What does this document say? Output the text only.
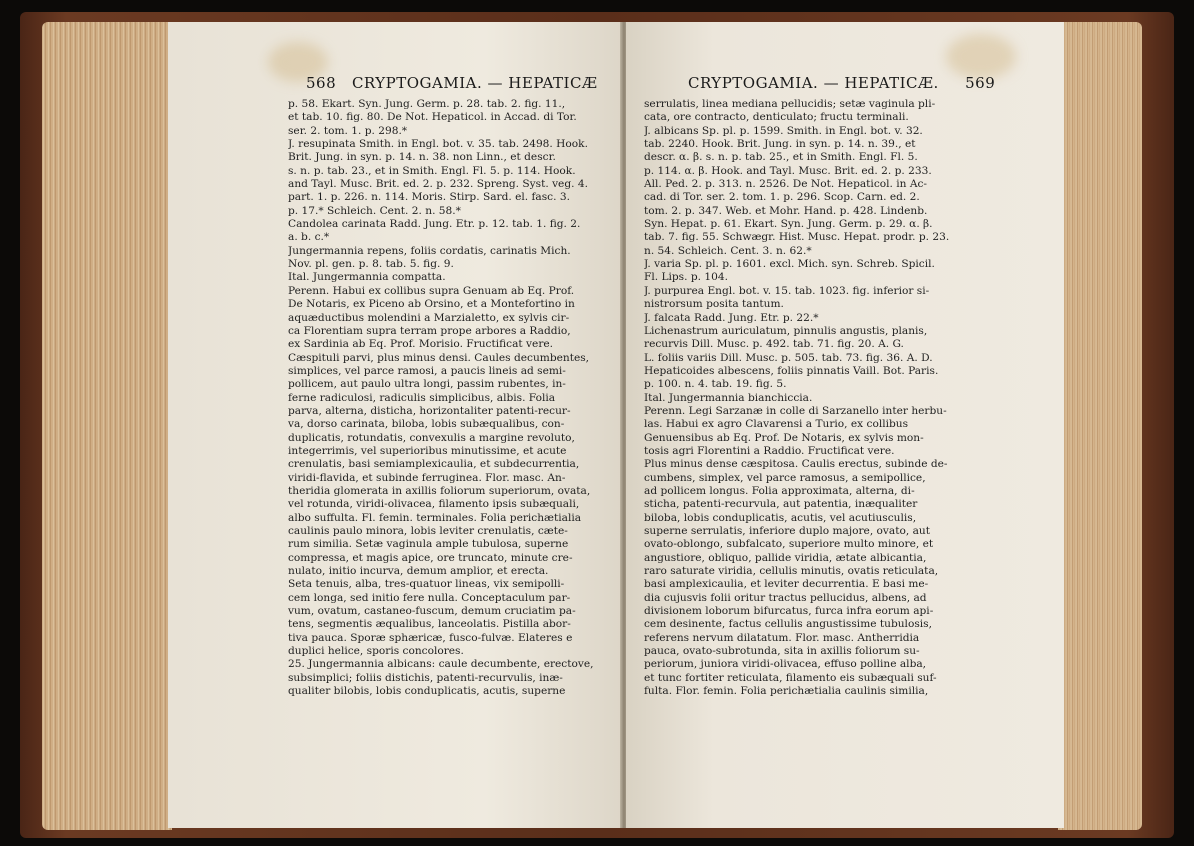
568 CRYPTOGAMIA. — HEPATICÆ

p. 58. Ekart. Syn. Jung. Germ. p. 28. tab. 2. fig. 11.,

et tab. 10. fig. 80. De Not. Hepaticol. in Accad. di Tor.

ser. 2. tom. 1. p. 298.*

J. resupinata Smith. in Engl. bot. v. 35. tab. 2498. Hook.

Brit. Jung. in syn. p. 14. n. 38. non Linn., et descr.

s. n. p. tab. 23., et in Smith. Engl. Fl. 5. p. 114. Hook.

and Tayl. Musc. Brit. ed. 2. p. 232. Spreng. Syst. veg. 4.

part. 1. p. 226. n. 114. Moris. Stirp. Sard. el. fasc. 3.

p. 17.* Schleich. Cent. 2. n. 58.*

Candolea carinata Radd. Jung. Etr. p. 12. tab. 1. fig. 2.

a. b. c.*

Jungermannia repens, foliis cordatis, carinatis Mich.

Nov. pl. gen. p. 8. tab. 5. fig. 9.

Ital. Jungermannia compatta.

Perenn. Habui ex collibus supra Genuam ab Eq. Prof.

De Notaris, ex Piceno ab Orsino, et a Montefortino in

aquæductibus molendini a Marzialetto, ex sylvis cir-

ca Florentiam supra terram prope arbores a Raddio,

ex Sardinia ab Eq. Prof. Morisio. Fructificat vere.

Cæspituli parvi, plus minus densi. Caules decumbentes,

simplices, vel parce ramosi, a paucis lineis ad semi-

pollicem, aut paulo ultra longi, passim rubentes, in-

ferne radiculosi, radiculis simplicibus, albis. Folia

parva, alterna, disticha, horizontaliter patenti-recur-

va, dorso carinata, biloba, lobis subæqualibus, con-

duplicatis, rotundatis, convexulis a margine revoluto,

integerrimis, vel superioribus minutissime, et acute

crenulatis, basi semiamplexicaulia, et subdecurrentia,

viridi-flavida, et subinde ferruginea. Flor. masc. An-

theridia glomerata in axillis foliorum superiorum, ovata,

vel rotunda, viridi-olivacea, filamento ipsis subæquali,

albo suffulta. Fl. femin. terminales. Folia perichætialia

caulinis paulo minora, lobis leviter crenulatis, cæte-

rum similia. Setæ vaginula ample tubulosa, superne

compressa, et magis apice, ore truncato, minute cre-

nulato, initio incurva, demum amplior, et erecta.

Seta tenuis, alba, tres-quatuor lineas, vix semipolli-

cem longa, sed initio fere nulla. Conceptaculum par-

vum, ovatum, castaneo-fuscum, demum cruciatim pa-

tens, segmentis æqualibus, lanceolatis. Pistilla abor-

tiva pauca. Sporæ sphæricæ, fusco-fulvæ. Elateres e

duplici helice, sporis concolores.

25. Jungermannia albicans: caule decumbente, erectove,

subsimplici; foliis distichis, patenti-recurvulis, inæ-

qualiter bilobis, lobis conduplicatis, acutis, superne

CRYPTOGAMIA. — HEPATICÆ. 569

serrulatis, linea mediana pellucidis; setæ vaginula pli-

cata, ore contracto, denticulato; fructu terminali.

J. albicans Sp. pl. p. 1599. Smith. in Engl. bot. v. 32.

tab. 2240. Hook. Brit. Jung. in syn. p. 14. n. 39., et

descr. α. β. s. n. p. tab. 25., et in Smith. Engl. Fl. 5.

p. 114. α. β. Hook. and Tayl. Musc. Brit. ed. 2. p. 233.

All. Ped. 2. p. 313. n. 2526. De Not. Hepaticol. in Ac-

cad. di Tor. ser. 2. tom. 1. p. 296. Scop. Carn. ed. 2.

tom. 2. p. 347. Web. et Mohr. Hand. p. 428. Lindenb.

Syn. Hepat. p. 61. Ekart. Syn. Jung. Germ. p. 29. α. β.

tab. 7. fig. 55. Schwægr. Hist. Musc. Hepat. prodr. p. 23.

n. 54. Schleich. Cent. 3. n. 62.*

J. varia Sp. pl. p. 1601. excl. Mich. syn. Schreb. Spicil.

Fl. Lips. p. 104.

J. purpurea Engl. bot. v. 15. tab. 1023. fig. inferior si-

nistrorsum posita tantum.

J. falcata Radd. Jung. Etr. p. 22.*

Lichenastrum auriculatum, pinnulis angustis, planis,

recurvis Dill. Musc. p. 492. tab. 71. fig. 20. A. G.

L. foliis variis Dill. Musc. p. 505. tab. 73. fig. 36. A. D.

Hepaticoides albescens, foliis pinnatis Vaill. Bot. Paris.

p. 100. n. 4. tab. 19. fig. 5.

Ital. Jungermannia bianchiccia.

Perenn. Legi Sarzanæ in colle di Sarzanello inter herbu-

las. Habui ex agro Clavarensi a Turio, ex collibus

Genuensibus ab Eq. Prof. De Notaris, ex sylvis mon-

tosis agri Florentini a Raddio. Fructificat vere.

Plus minus dense cæspitosa. Caulis erectus, subinde de-

cumbens, simplex, vel parce ramosus, a semipollice,

ad pollicem longus. Folia approximata, alterna, di-

sticha, patenti-recurvula, aut patentia, inæqualiter

biloba, lobis conduplicatis, acutis, vel acutiusculis,

superne serrulatis, inferiore duplo majore, ovato, aut

ovato-oblongo, subfalcato, superiore multo minore, et

angustiore, obliquo, pallide viridia, ætate albicantia,

raro saturate viridia, cellulis minutis, ovatis reticulata,

basi amplexicaulia, et leviter decurrentia. E basi me-

dia cujusvis folii oritur tractus pellucidus, albens, ad

divisionem loborum bifurcatus, furca infra eorum api-

cem desinente, factus cellulis angustissime tubulosis,

referens nervum dilatatum. Flor. masc. Antherridia

pauca, ovato-subrotunda, sita in axillis foliorum su-

periorum, juniora viridi-olivacea, effuso polline alba,

et tunc fortiter reticulata, filamento eis subæquali suf-

fulta. Flor. femin. Folia perichætialia caulinis similia,
